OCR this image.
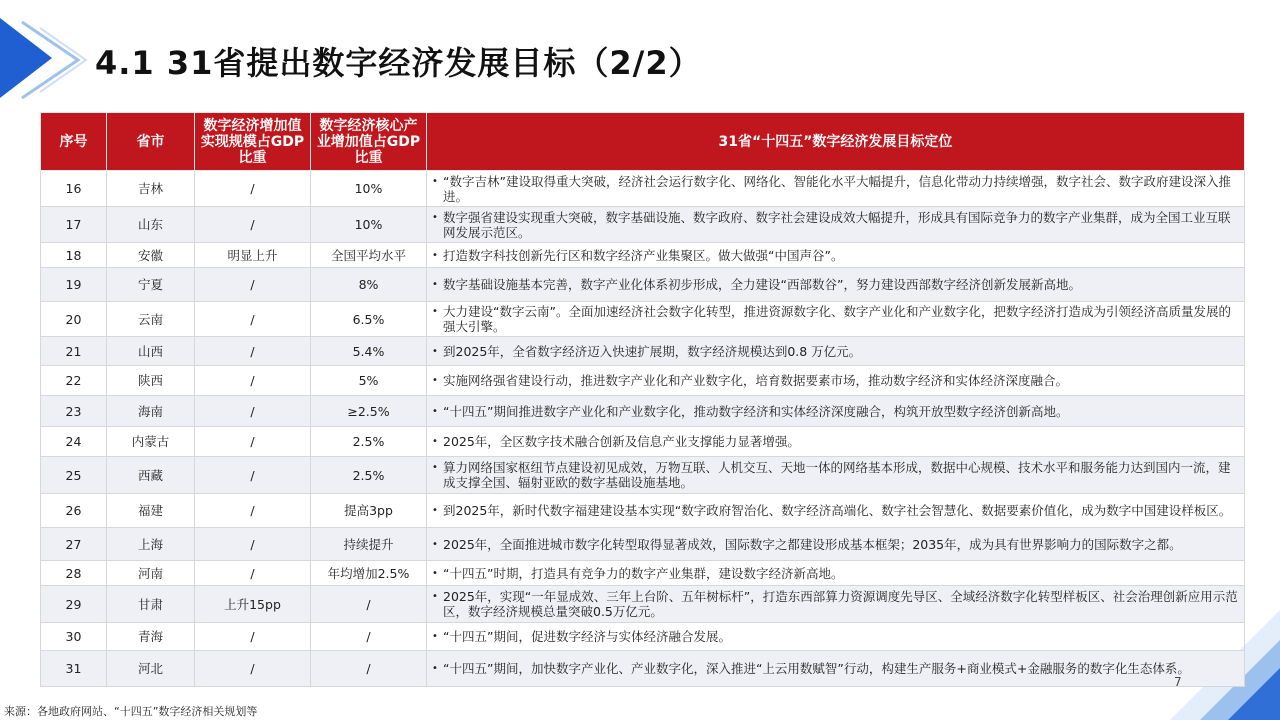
4.1 31省提出数字经济发展目标（2/2）
序号	省市	数字经济增加值实现规模占GDP比重	数字经济核心产业增加值占GDP比重	31省“十四五”数字经济发展目标定位
16	吉林	/	10%	• “数字吉林”建设取得重大突破，经济社会运行数字化、网络化、智能化水平大幅提升，信息化带动力持续增强，数字社会、数字政府建设深入推进。

17	山东	/	10%	• 数字强省建设实现重大突破，数字基础设施、数字政府、数字社会建设成效大幅提升，形成具有国际竞争力的数字产业集群，成为全国工业互联网发展示范区。

18	安徽	明显上升	全国平均水平	• 打造数字科技创新先行区和数字经济产业集聚区。做大做强“中国声谷”。

19	宁夏	/	8%	• 数字基础设施基本完善，数字产业化体系初步形成，全力建设“西部数谷”，努力建设西部数字经济创新发展新高地。

20	云南	/	6.5%	• 大力建设“数字云南”。全面加速经济社会数字化转型，推进资源数字化、数字产业化和产业数字化，把数字经济打造成为引领经济高质量发展的强大引擎。

21	山西	/	5.4%	• 到2025年，全省数字经济迈入快速扩展期，数字经济规模达到0.8 万亿元。

22	陕西	/	5%	• 实施网络强省建设行动，推进数字产业化和产业数字化，培育数据要素市场，推动数字经济和实体经济深度融合。

23	海南	/	≥2.5%	• “十四五”期间推进数字产业化和产业数字化，推动数字经济和实体经济深度融合，构筑开放型数字经济创新高地。

24	内蒙古	/	2.5%	• 2025年，全区数字技术融合创新及信息产业支撑能力显著增强。

25	西藏	/	2.5%	• 算力网络国家枢纽节点建设初见成效，万物互联、人机交互、天地一体的网络基本形成，数据中心规模、技术水平和服务能力达到国内一流，建成支撑全国、辐射亚欧的数字基础设施基地。

26	福建	/	提高3pp	• 到2025年，新时代数字福建建设基本实现“数字政府智治化、数字经济高端化、数字社会智慧化、数据要素价值化，成为数字中国建设样板区。

27	上海	/	持续提升	• 2025年，全面推进城市数字化转型取得显著成效，国际数字之都建设形成基本框架；2035年，成为具有世界影响力的国际数字之都。

28	河南	/	年均增加2.5%	• “十四五”时期，打造具有竞争力的数字产业集群，建设数字经济新高地。

29	甘肃	上升15pp	/	• 2025年，实现“一年显成效、三年上台阶、五年树标杆”，打造东西部算力资源调度先导区、全域经济数字化转型样板区、社会治理创新应用示范区，数字经济规模总量突破0.5万亿元。

30	青海	/	/	• “十四五”期间，促进数字经济与实体经济融合发展。

31	河北	/	/	• “十四五”期间，加快数字产业化、产业数字化，深入推进“上云用数赋智”行动，构建生产服务+商业模式+金融服务的数字化生态体系。
7
来源：各地政府网站、“十四五”数字经济相关规划等
